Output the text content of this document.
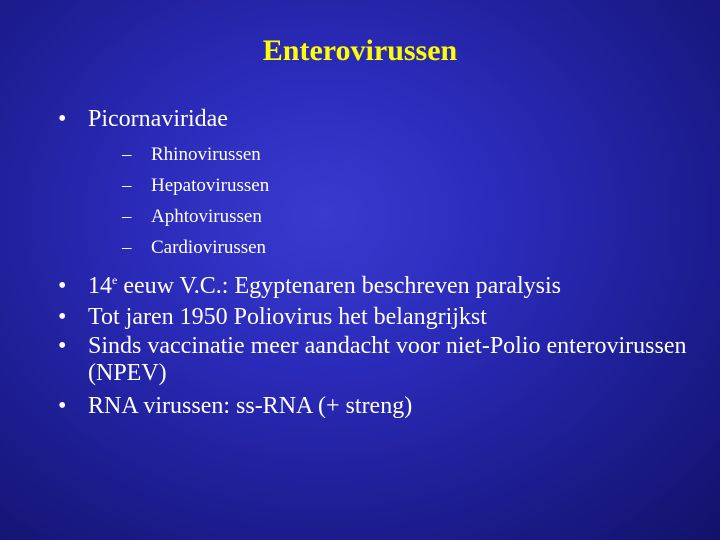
Enterovirussen
• Picornaviridae
–	Rhinovirussen
–	Hepatovirussen
–	Aphtovirussen
–	Cardiovirussen
• 14e eeuw V.C.: Egyptenaren beschreven paralysis
• Tot jaren 1950 Poliovirus het belangrijkst
• Sinds vaccinatie meer aandacht voor niet-Polio enterovirussen (NPEV)
• RNA virussen: ss-RNA (+ streng)
